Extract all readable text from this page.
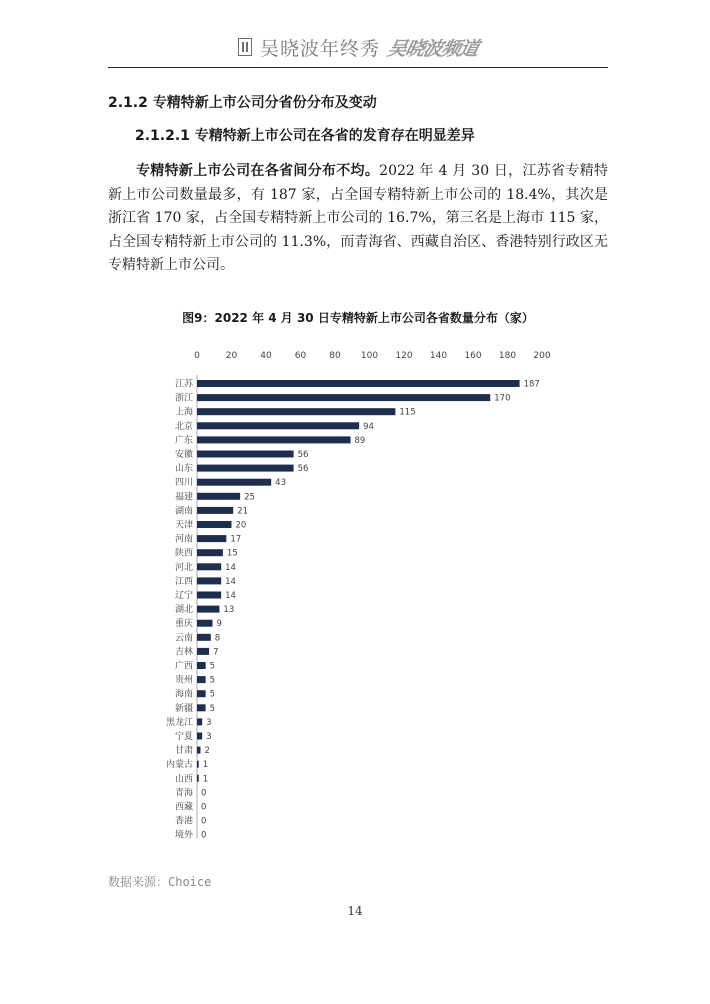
吴晓波年终秀 吴晓波频道
2.1.2 专精特新上市公司分省份分布及变动
2.1.2.1 专精特新上市公司在各省的发育存在明显差异

专精特新上市公司在各省间分布不均。2022 年 4 月 30 日，江苏省专精特新上市公司数量最多，有 187 家，占全国专精特新上市公司的 18.4%，其次是浙江省 170 家，占全国专精特新上市公司的 16.7%，第三名是上海市 115 家，占全国专精特新上市公司的 11.3%，而青海省、西藏自治区、香港特别行政区无专精特新上市公司。

图9：2022 年 4 月 30 日专精特新上市公司各省数量分布（家）
0	20	40	60	80 100 120 140 160 180 200
江苏	187
浙江	170
上海	115
北京	94
广东	89
安徽	56
山东	56
四川	43
福建	25
湖南	21
天津	20
河南	17
陕西	15
河北	14
江西	14
辽宁	14
湖北	13
重庆	9
云南	8
吉林 7
广西 5
贵州 5
海南 5
新疆 5
黑龙江 3
宁夏 3
甘肃 2
内蒙古 1
山西 1
青海 0
西藏 0
香港 0
境外 0
数据来源：Choice
14
